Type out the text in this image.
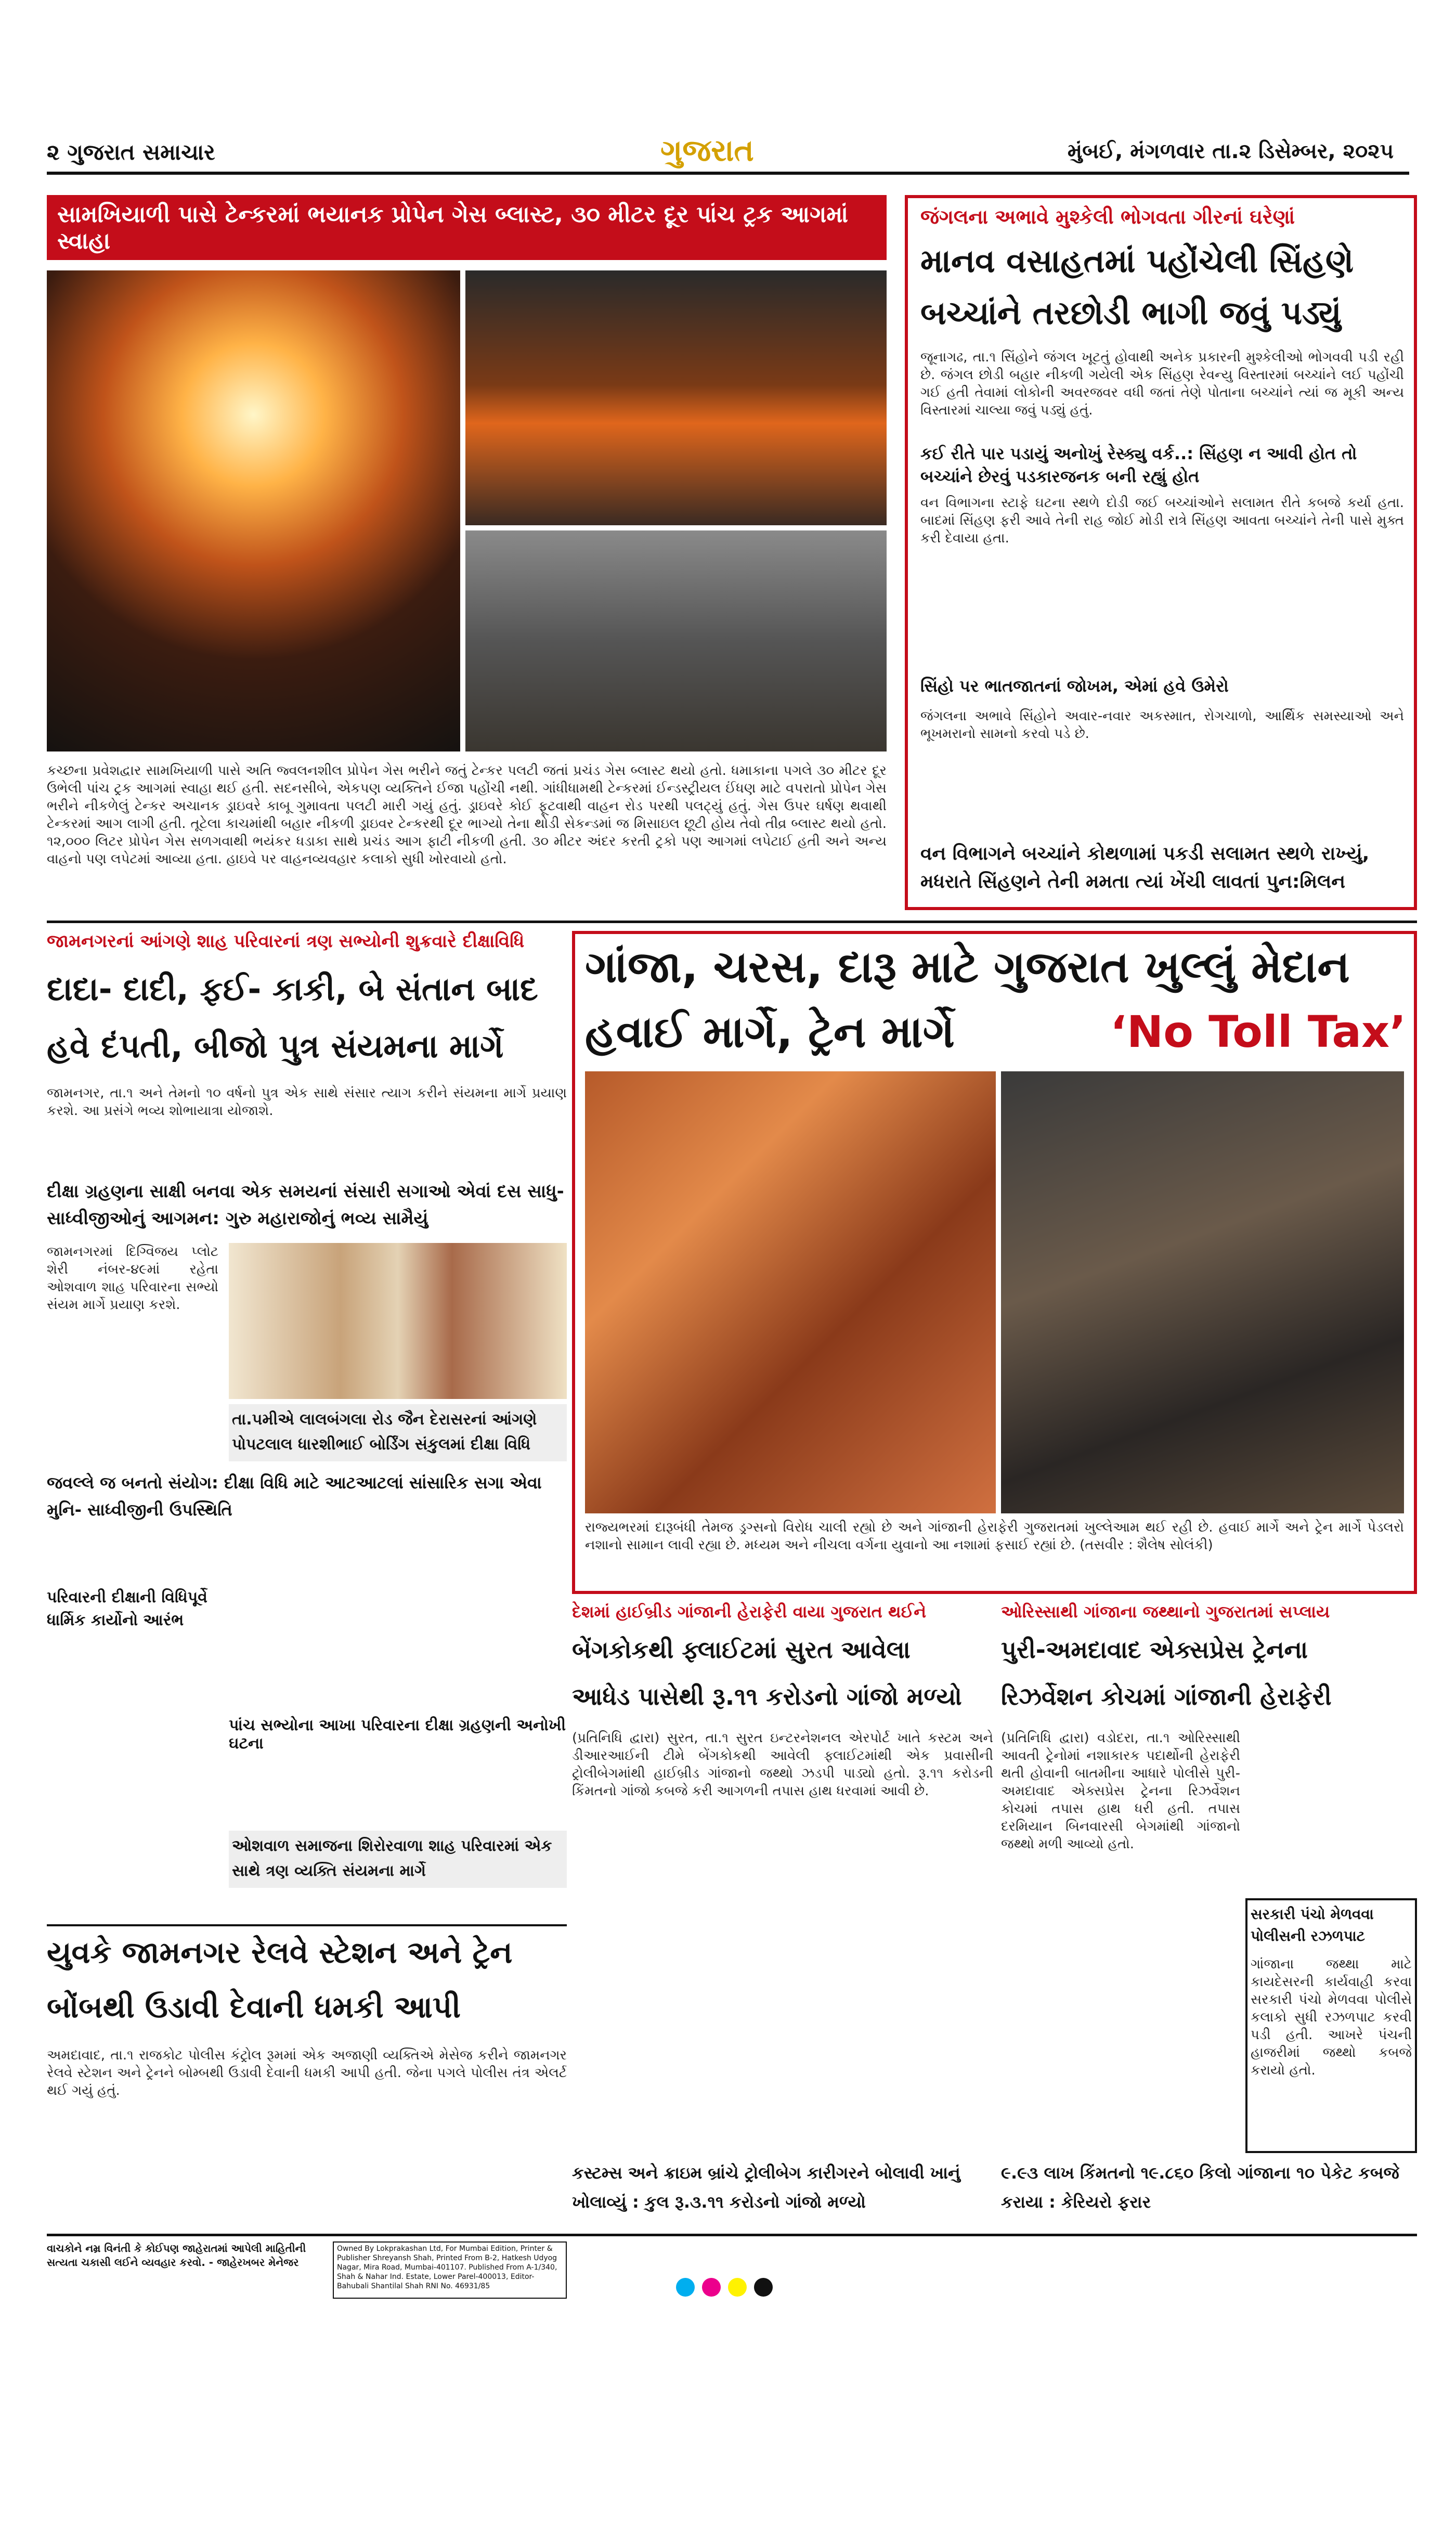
૨ ગુજરાત સમાચાર	ગુજરાત	મુંબઈ, મંગળવાર તા.૨ ડિસેમ્બર, ૨૦૨૫
સામખિયાળી પાસે ટેન્કરમાં ભયાનક પ્રોપેન ગેસ બ્લાસ્ટ, ૩૦ મીટર દૂર પાંચ ટ્રક આગમાં સ્વાહા
કચ્છના પ્રવેશદ્વાર સામખિયાળી પાસે અતિ જ્વલનશીલ પ્રોપેન ગેસ ભરીને જતું ટેન્કર પલટી જતાં પ્રચંડ ગેસ બ્લાસ્ટ થયો હતો. ધમાકાના પગલે ૩૦ મીટર દૂર ઉભેલી પાંચ ટ્રક આગમાં સ્વાહા થઈ હતી. સદનસીબે, એકપણ વ્યક્તિને ઈજા પહોંચી નથી. ગાંધીધામથી ટેન્કરમાં ઈન્ડસ્ટ્રીયલ ઈંધણ માટે વપરાતો પ્રોપેન ગેસ ભરીને નીકળેલું ટેન્કર અચાનક ડ્રાઇવરે કાબૂ ગુમાવતા પલટી મારી ગયું હતું. ડ્રાઇવરે કોઈ ફૂટવાથી વાહન રોડ પરથી પલટ્યું હતું. ગેસ ઉપર ઘર્ષણ થવાથી ટેન્કરમાં આગ લાગી હતી. તૂટેલા કાચમાંથી બહાર નીકળી ડ્રાઇવર ટેન્કરથી દૂર ભાગ્યો તેના થોડી સેકન્ડમાં જ મિસાઇલ છૂટી હોય તેવો તીવ્ર બ્લાસ્ટ થયો હતો. ૧૨,૦૦૦ લિટર પ્રોપેન ગેસ સળગવાથી ભયંકર ધડાકા સાથે પ્રચંડ આગ ફાટી નીકળી હતી. ૩૦ મીટર અંદર કરતી ટ્રકો પણ આગમાં લપેટાઈ હતી અને અન્ય વાહનો પણ લપેટમાં આવ્યા હતા. હાઇવે પર વાહનવ્યવહાર કલાકો સુધી ખોરવાયો હતો.
જંગલના અભાવે મુશ્કેલી ભોગવતા ગીરનાં ઘરેણાં
માનવ વસાહતમાં પહોંચેલી સિંહણે
બચ્ચાંને તરછોડી ભાગી જવું પડ્યું
જૂનાગઢ, તા.૧ સિંહોને જંગલ ખૂટતું હોવાથી અનેક પ્રકારની મુશ્કેલીઓ ભોગવવી પડી રહી છે. જંગલ છોડી બહાર નીકળી ગયેલી એક સિંહણ રેવન્યુ વિસ્તારમાં બચ્ચાંને લઈ પહોંચી ગઈ હતી તેવામાં લોકોની અવરજવર વધી જતાં તેણે પોતાના બચ્ચાંને ત્યાં જ મૂકી અન્ય વિસ્તારમાં ચાલ્યા જવું પડ્યું હતું.
કઈ રીતે પાર પડાયું અનોખું રેસ્ક્યુ વર્ક..: સિંહણ ન આવી હોત તો બચ્ચાંને છેરવું પડકારજનક બની રહ્યું હોત
વન વિભાગના સ્ટાફે ઘટના સ્થળે દોડી જઈ બચ્ચાંઓને સલામત રીતે કબજે કર્યા હતા. બાદમાં સિંહણ ફરી આવે તેની રાહ જોઈ મોડી રાત્રે સિંહણ આવતા બચ્ચાંને તેની પાસે મુક્ત કરી દેવાયા હતા.
સિંહો પર ભાતજાતનાં જોખમ, એમાં હવે ઉમેરો
જંગલના અભાવે સિંહોને અવાર-નવાર અકસ્માત, રોગચાળો, આર્થિક સમસ્યાઓ અને ભૂખમરાનો સામનો કરવો પડે છે.
વન વિભાગને બચ્ચાંને કોથળામાં પકડી સલામત સ્થળે રાખ્યું, મધરાતે સિંહણને તેની મમતા ત્યાં ખેંચી લાવતાં પુન:મિલન
જામનગરનાં આંગણે શાહ પરિવારનાં ત્રણ સભ્યોની શુક્રવારે દીક્ષાવિધિ
દાદા- દાદી, ફઈ- કાકી, બે સંતાન બાદ
હવે દંપતી, બીજો પુત્ર સંયમના માર્ગે
જામનગર, તા.૧ અને તેમનો ૧૦ વર્ષનો પુત્ર એક સાથે સંસાર ત્યાગ કરીને સંયમના માર્ગે પ્રયાણ કરશે. આ પ્રસંગે ભવ્ય શોભાયાત્રા યોજાશે.
દીક્ષા ગ્રહણના સાક્ષી બનવા એક સમયનાં સંસારી સગાઓ એવાં દસ સાધુ- સાધ્વીજીઓનું આગમન: ગુરુ મહારાજોનું ભવ્ય સામૈયું
જામનગરમાં દિગ્વિજય પ્લોટ શેરી નંબર-૪૯માં રહેતા ઓશવાળ શાહ પરિવારના સભ્યો સંયમ માર્ગે પ્રયાણ કરશે.
તા.૫મીએ લાલબંગલા રોડ જૈન દેરાસરનાં આંગણે પોપટલાલ ધારશીભાઈ બોર્ડિંગ સંકુલમાં દીક્ષા વિધિ
જવલ્લે જ બનતો સંયોગ: દીક્ષા વિધિ માટે આટઆટલાં સાંસારિક સગા એવા મુનિ- સાધ્વીજીની ઉપસ્થિતિ
પરિવારની દીક્ષાની વિધિપૂર્વે ધાર્મિક કાર્યોનો આરંભ
પાંચ સભ્યોના આખા પરિવારના દીક્ષા ગ્રહણની અનોખી ઘટના
ઓશવાળ સમાજના શિરોરવાળા શાહ પરિવારમાં એક સાથે ત્રણ વ્યક્તિ સંયમના માર્ગે
યુવકે જામનગર રેલવે સ્ટેશન અને ટ્રેન
બોંબથી ઉડાવી દેવાની ધમકી આપી
અમદાવાદ, તા.૧ રાજકોટ પોલીસ કંટ્રોલ રૂમમાં એક અજાણી વ્યક્તિએ મેસેજ કરીને જામનગર રેલવે સ્ટેશન અને ટ્રેનને બોમ્બથી ઉડાવી દેવાની ધમકી આપી હતી. જેના પગલે પોલીસ તંત્ર એલર્ટ થઈ ગયું હતું.
ગાંજા, ચરસ, દારૂ માટે ગુજરાત ખુલ્લું મેદાન
હવાઈ માર્ગે, ટ્રેન માર્ગે	‘No Toll Tax’
રાજ્યભરમાં દારૂબંધી તેમજ ડ્રગ્સનો વિરોધ ચાલી રહ્યો છે અને ગાંજાની હેરાફેરી ગુજરાતમાં ખુલ્લેઆમ થઈ રહી છે. હવાઈ માર્ગે અને ટ્રેન માર્ગે પેડલરો નશાનો સામાન લાવી રહ્યા છે. મધ્યમ અને નીચલા વર્ગના યુવાનો આ નશામાં ફસાઈ રહ્યાં છે. (તસવીર : શૈલેષ સોલંકી)
દેશમાં હાઈબ્રીડ ગાંજાની હેરાફેરી વાયા ગુજરાત થઈને
બેંગકોકથી ફ્લાઈટમાં સુરત આવેલા
આધેડ પાસેથી રૂ.૧૧ કરોડનો ગાંજો મળ્યો
(પ્રતિનિધિ દ્વારા) સુરત, તા.૧ સુરત ઇન્ટરનેશનલ એરપોર્ટ ખાતે કસ્ટમ અને ડીઆરઆઈની ટીમે બેંગકોકથી આવેલી ફ્લાઈટમાંથી એક પ્રવાસીની ટ્રોલીબેગમાંથી હાઈબ્રીડ ગાંજાનો જથ્થો ઝડપી પાડ્યો હતો. રૂ.૧૧ કરોડની કિંમતનો ગાંજો કબજે કરી આગળની તપાસ હાથ ધરવામાં આવી છે.
કસ્ટમ્સ અને ક્રાઇમ બ્રાંચે ટ્રોલીબેગ કારીગરને બોલાવી ખાનું ખોલાવ્યું : કુલ રૂ.૩.૧૧ કરોડનો ગાંજો મળ્યો
ઓરિસ્સાથી ગાંજાના જથ્થાનો ગુજરાતમાં સપ્લાય
પુરી-અમદાવાદ એક્સપ્રેસ ટ્રેનના
રિઝર્વેશન કોચમાં ગાંજાની હેરાફેરી
(પ્રતિનિધિ દ્વારા) વડોદરા, તા.૧ ઓરિસ્સાથી આવતી ટ્રેનોમાં નશાકારક પદાર્થોની હેરાફેરી થતી હોવાની બાતમીના આધારે પોલીસે પુરી-અમદાવાદ એક્સપ્રેસ ટ્રેનના રિઝર્વેશન કોચમાં તપાસ હાથ ધરી હતી. તપાસ દરમિયાન બિનવારસી બેગમાંથી ગાંજાનો જથ્થો મળી આવ્યો હતો.
સરકારી પંચો મેળવવા પોલીસની રઝળપાટ
ગાંજાના જથ્થા માટે કાયદેસરની કાર્યવાહી કરવા સરકારી પંચો મેળવવા પોલીસે કલાકો સુધી રઝળપાટ કરવી પડી હતી. આખરે પંચની હાજરીમાં જથ્થો કબજે કરાયો હતો.
૯.૯૩ લાખ કિંમતનો ૧૯.૮૬૦ કિલો ગાંજાના ૧૦ પેકેટ કબજે કરાયા : કેરિયરો ફરાર
વાચકોને નમ્ર વિનંતી કે કોઈપણ જાહેરાતમાં આપેલી માહિતીની સત્યતા ચકાસી લઈને વ્યવહાર કરવો. - જાહેરખબર મેનેજર
Owned By Lokprakashan Ltd, For Mumbai Edition, Printer & Publisher Shreyansh Shah, Printed From B-2, Hatkesh Udyog Nagar, Mira Road, Mumbai-401107. Published From A-1/340, Shah & Nahar Ind. Estate, Lower Parel-400013, Editor- Bahubali Shantilal Shah RNI No. 46931/85
